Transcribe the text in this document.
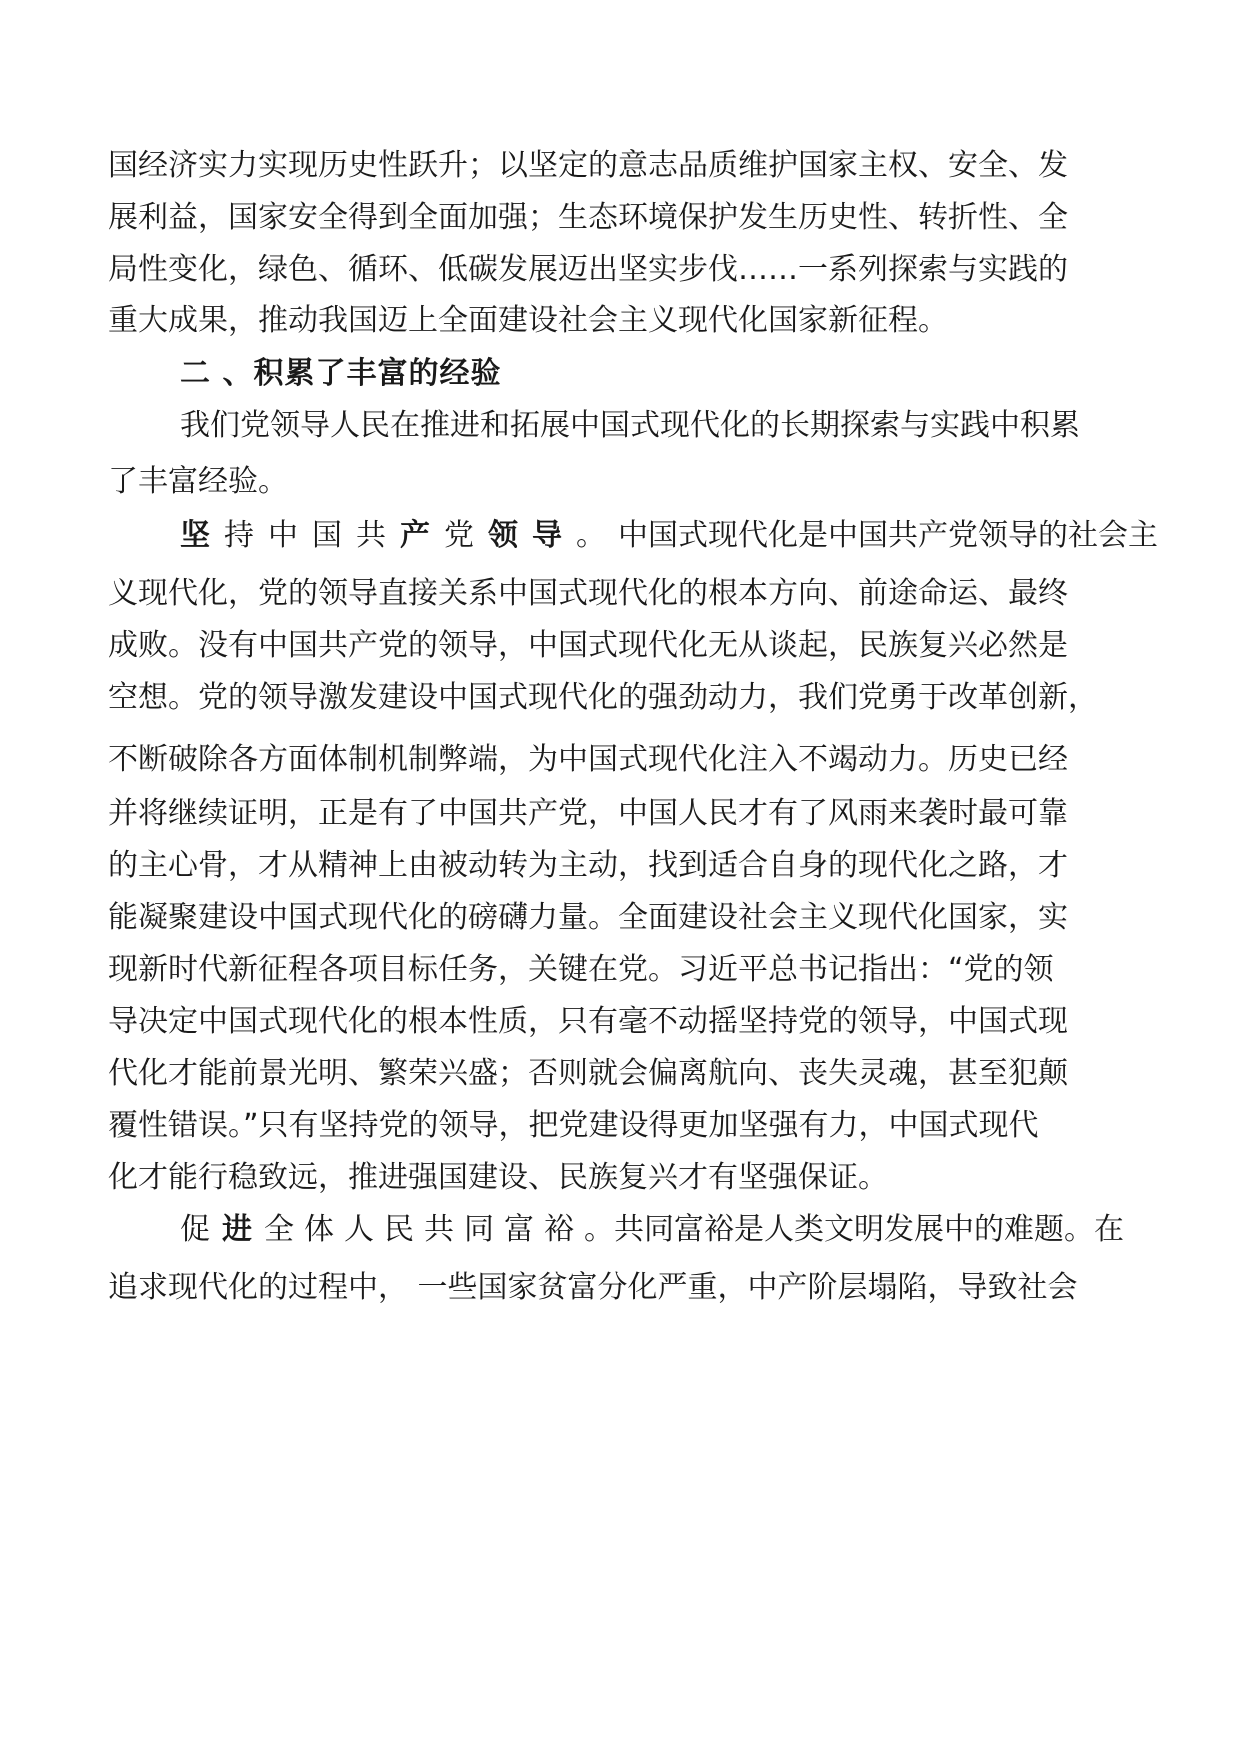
国经济实力实现历史性跃升；以坚定的意志品质维护国家主权、安全、发
展利益，国家安全得到全面加强；生态环境保护发生历史性、转折性、全
局性变化，绿色、循环、低碳发展迈出坚实步伐……一系列探索与实践的
重大成果，推动我国迈上全面建设社会主义现代化国家新征程。
二 、积累了丰富的经验
我们党领导人民在推进和拓展中国式现代化的长期探索与实践中积累
了丰富经验。
坚 持中国共产 党领导。 中国式现代化是中国共产党领导的社会主
义现代化，党的领导直接关系中国式现代化的根本方向、前途命运、最终
成败。没有中国共产党的领导，中国式现代化无从谈起，民族复兴必然是
空想。党的领导激发建设中国式现代化的强劲动力，我们党勇于改革创新，
不断破除各方面体制机制弊端，为中国式现代化注入不竭动力。历史已经
并将继续证明，正是有了中国共产党，中国人民才有了风雨来袭时最可靠
的主心骨，才从精神上由被动转为主动，找到适合自身的现代化之路，才
能凝聚建设中国式现代化的磅礴力量。全面建设社会主义现代化国家，实
现新时代新征程各项目标任务，关键在党。习近平总书记指出：“党的领
导决定中国式现代化的根本性质，只有毫不动摇坚持党的领导，中国式现
代化才能前景光明、繁荣兴盛；否则就会偏离航向、丧失灵魂，甚至犯颠
覆性错误。”只有坚持党的领导，把党建设得更加坚强有力，中国式现代
化才能行稳致远，推进强国建设、民族复兴才有坚强保证。
促 进 全体人民共同富裕。共同富裕是人类文明发展中的难题。在
追求现代化的过程中， 一些国家贫富分化严重，中产阶层塌陷，导致社会
